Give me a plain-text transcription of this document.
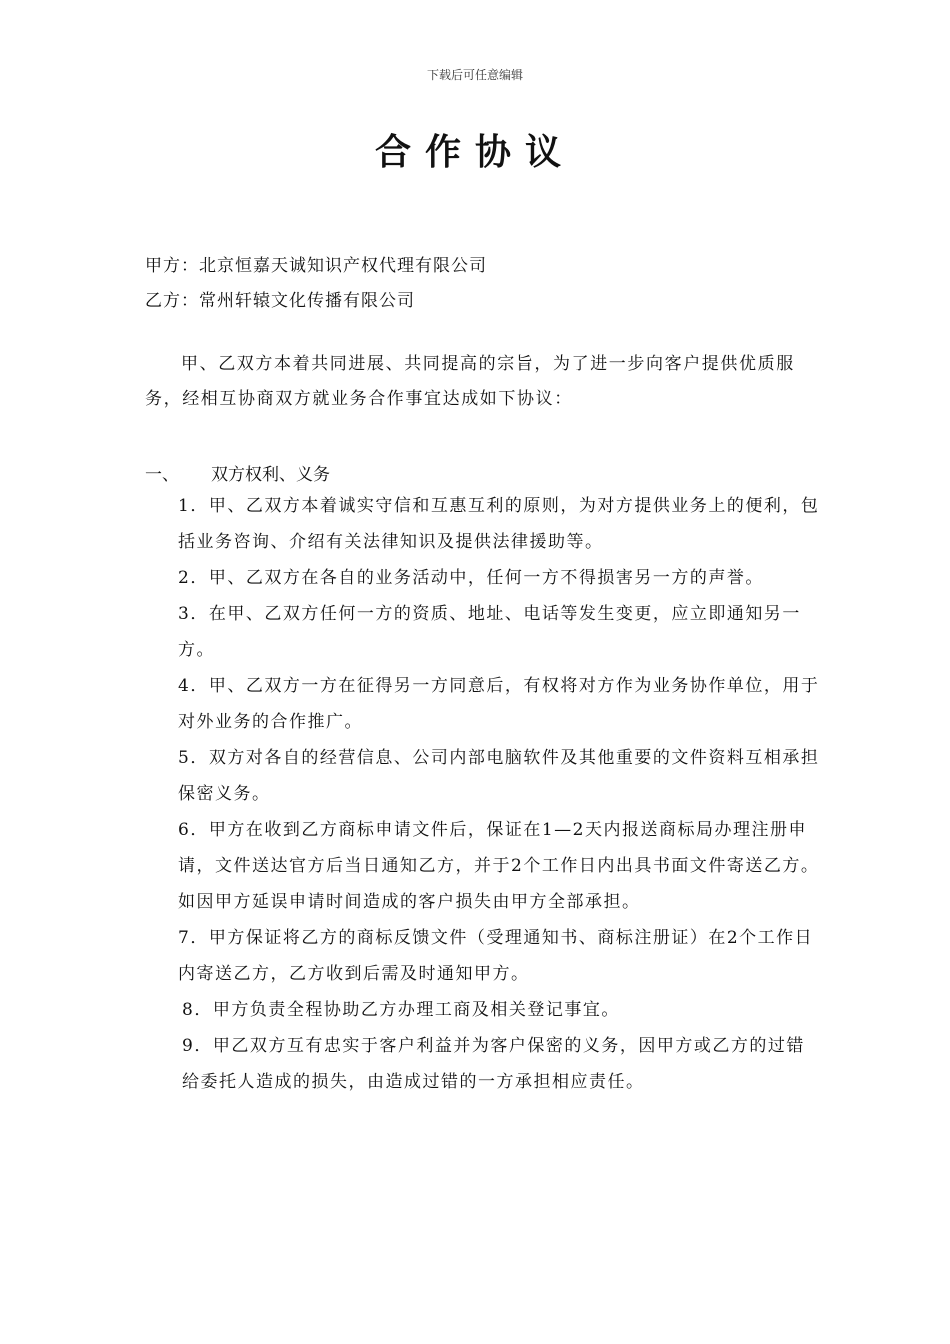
下载后可任意编辑
合作协议
甲方：北京恒嘉天诚知识产权代理有限公司
乙方：常州轩辕文化传播有限公司

甲、乙双方本着共同进展、共同提高的宗旨，为了进一步向客户提供优质服务，经相互协商双方就业务合作事宜达成如下协议：

一、 双方权利、义务
1．甲、乙双方本着诚实守信和互惠互利的原则，为对方提供业务上的便利，包括业务咨询、介绍有关法律知识及提供法律援助等。
2．甲、乙双方在各自的业务活动中，任何一方不得损害另一方的声誉。
3．在甲、乙双方任何一方的资质、地址、电话等发生变更，应立即通知另一方。
4．甲、乙双方一方在征得另一方同意后，有权将对方作为业务协作单位，用于对外业务的合作推广。
5．双方对各自的经营信息、公司内部电脑软件及其他重要的文件资料互相承担保密义务。
6．甲方在收到乙方商标申请文件后，保证在1—2天内报送商标局办理注册申请，文件送达官方后当日通知乙方，并于2个工作日内出具书面文件寄送乙方。如因甲方延误申请时间造成的客户损失由甲方全部承担。
7．甲方保证将乙方的商标反馈文件（受理通知书、商标注册证）在2个工作日内寄送乙方，乙方收到后需及时通知甲方。
8．甲方负责全程协助乙方办理工商及相关登记事宜。
9．甲乙双方互有忠实于客户利益并为客户保密的义务，因甲方或乙方的过错给委托人造成的损失，由造成过错的一方承担相应责任。
